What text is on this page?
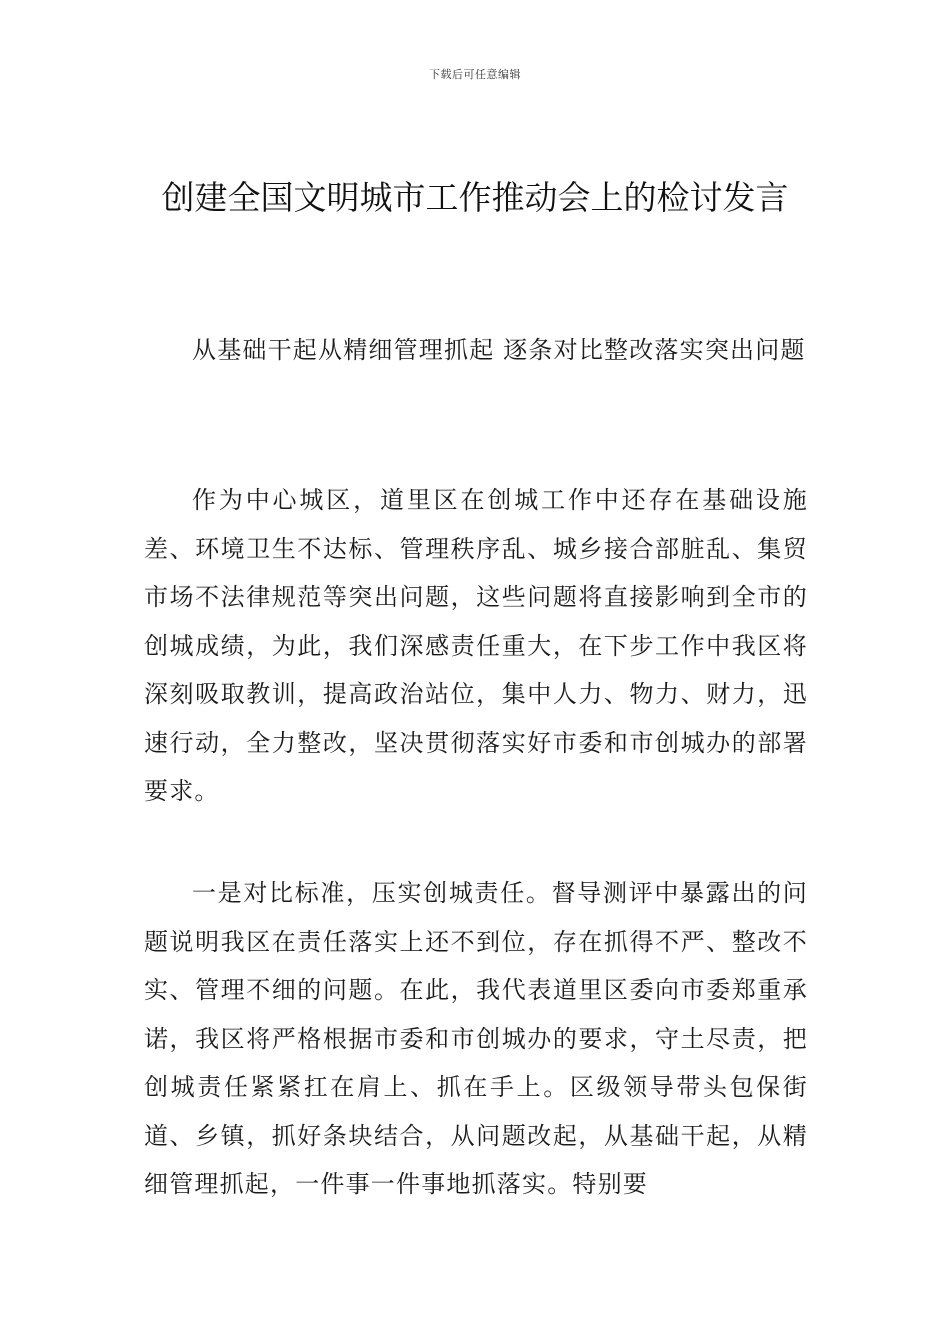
下载后可任意编辑
创建全国文明城市工作推动会上的检讨发言

从基础干起从精细管理抓起 逐条对比整改落实突出问题

作为中心城区，道里区在创城工作中还存在基础设施差、环境卫生不达标、管理秩序乱、城乡接合部脏乱、集贸市场不法律规范等突出问题，这些问题将直接影响到全市的创城成绩，为此，我们深感责任重大，在下步工作中我区将深刻吸取教训，提高政治站位，集中人力、物力、财力，迅速行动，全力整改，坚决贯彻落实好市委和市创城办的部署要求。

一是对比标准，压实创城责任。督导测评中暴露出的问题说明我区在责任落实上还不到位，存在抓得不严、整改不实、管理不细的问题。在此，我代表道里区委向市委郑重承诺，我区将严格根据市委和市创城办的要求，守土尽责，把创城责任紧紧扛在肩上、抓在手上。区级领导带头包保街道、乡镇，抓好条块结合，从问题改起，从基础干起，从精细管理抓起，一件事一件事地抓落实。特别要
